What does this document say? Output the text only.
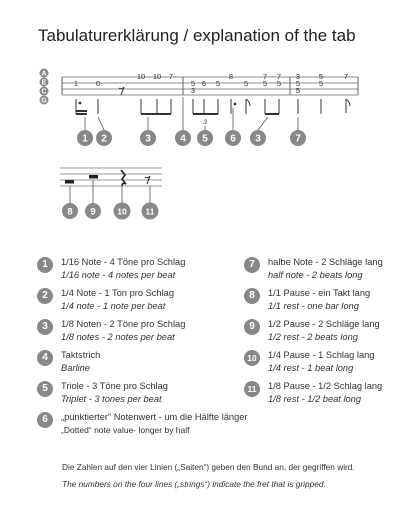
Tabulaturerklärung / explanation of the tab
A
E
C
G
1 0
10 10 7	8
5 6 5	5
7
5
7
5
3	5	7
5
3
5
5
3
1 2	3	4 5 6 3	7
8 9	10 11
1	1/16 Note - 4 Töne pro Schlag
1/16 note - 4 notes per beat
2	1/4 Note - 1 Ton pro Schlag
1/4 note - 1 note per beat
3	1/8 Noten - 2 Töne pro Schlag
1/8 notes - 2 notes per beat
4	Taktstrich
Barline
5	Triole - 3 Töne pro Schlag
Triplet - 3 tones per beat
6	„punktierter“ Notenwert - um die Hälfte länger
„Dotted“ note value- longer by half
7	halbe Note - 2 Schläge lang
half note - 2 beats long
8	1/1 Pause - ein Takt lang
1/1 rest - one bar long
9	1/2 Pause - 2 Schläge lang
1/2 rest - 2 beats long
10	1/4 Pause - 1 Schlag lang
1/4 rest - 1 beat long
11	1/8 Pause - 1/2 Schlag lang
1/8 rest - 1/2 beat long
Die Zahlen auf den vier Linien („Saiten“) geben den Bund an, der gegriffen wird.
The numbers on the four lines („strings“) indicate the fret that is gripped.
